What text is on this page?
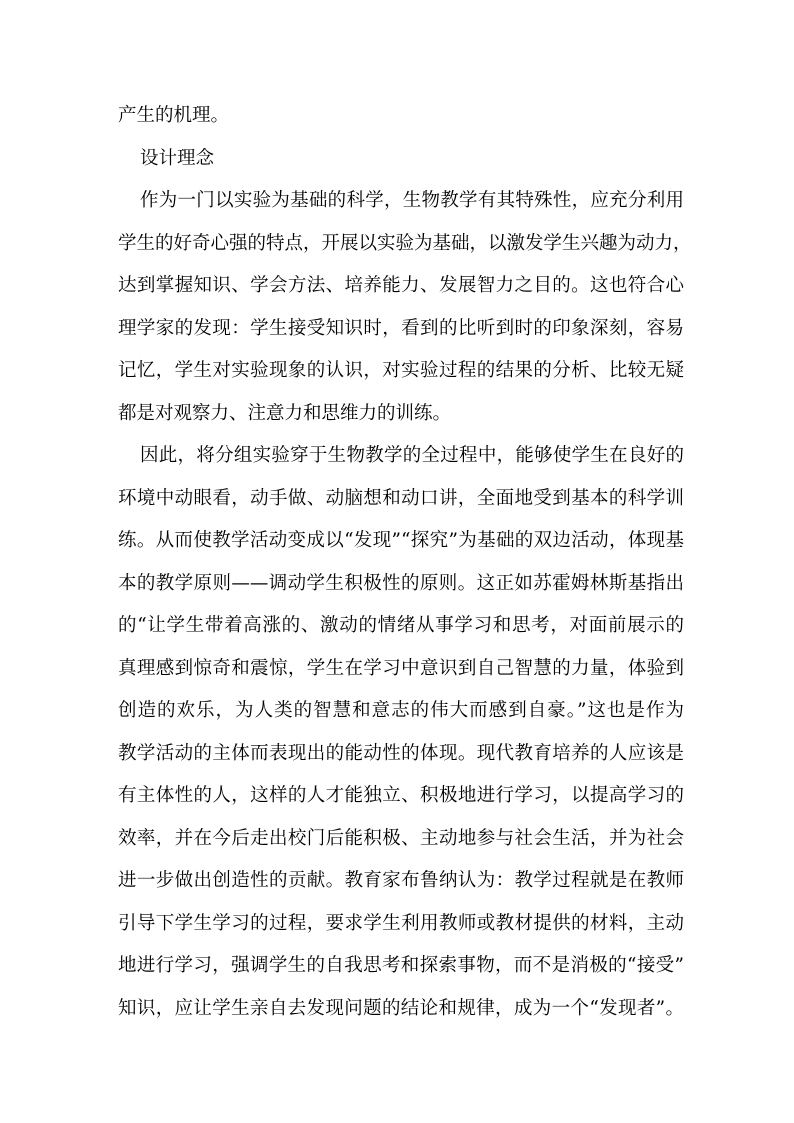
产生的机理。
设计理念
作为一门以实验为基础的科学，生物教学有其特殊性，应充分利用
学生的好奇心强的特点，开展以实验为基础，以激发学生兴趣为动力，
达到掌握知识、学会方法、培养能力、发展智力之目的。这也符合心
理学家的发现：学生接受知识时，看到的比听到时的印象深刻，容易
记忆，学生对实验现象的认识，对实验过程的结果的分析、比较无疑
都是对观察力、注意力和思维力的训练。
因此，将分组实验穿于生物教学的全过程中，能够使学生在良好的
环境中动眼看，动手做、动脑想和动口讲，全面地受到基本的科学训
练。从而使教学活动变成以“发现”“探究”为基础的双边活动，体现基
本的教学原则——调动学生积极性的原则。这正如苏霍姆林斯基指出
的“让学生带着高涨的、激动的情绪从事学习和思考，对面前展示的
真理感到惊奇和震惊，学生在学习中意识到自己智慧的力量，体验到
创造的欢乐，为人类的智慧和意志的伟大而感到自豪。”这也是作为
教学活动的主体而表现出的能动性的体现。现代教育培养的人应该是
有主体性的人，这样的人才能独立、积极地进行学习，以提高学习的
效率，并在今后走出校门后能积极、主动地参与社会生活，并为社会
进一步做出创造性的贡献。教育家布鲁纳认为：教学过程就是在教师
引导下学生学习的过程，要求学生利用教师或教材提供的材料，主动
地进行学习，强调学生的自我思考和探索事物，而不是消极的“接受”
知识，应让学生亲自去发现问题的结论和规律，成为一个“发现者”。
